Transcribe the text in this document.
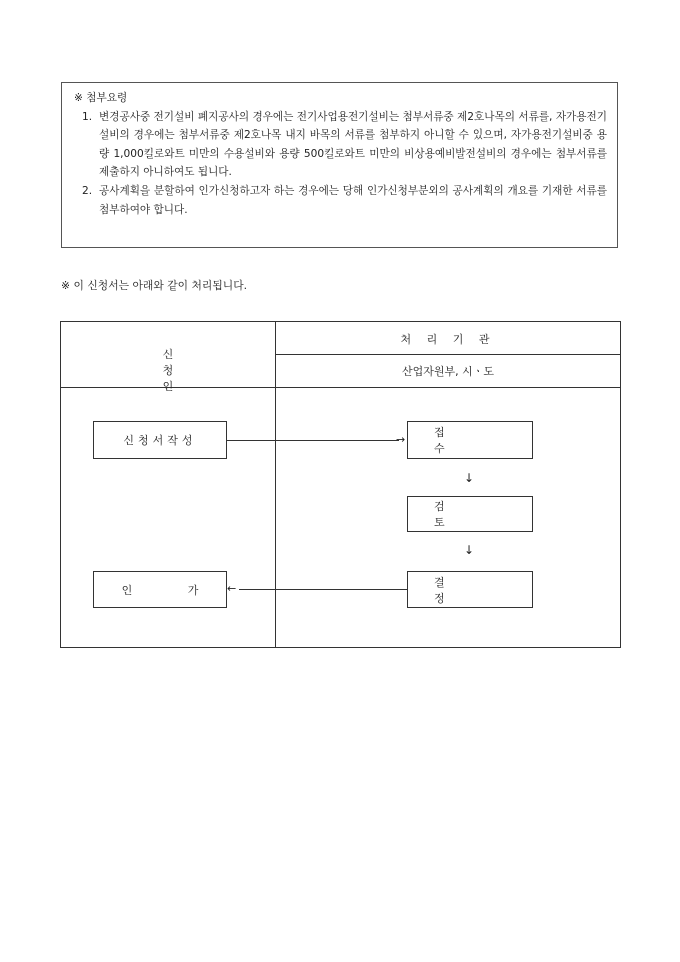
※ 첨부요령
1. 변경공사중 전기설비 폐지공사의 경우에는 전기사업용전기설비는 첨부서류중 제2호나목의 서류를, 자가용전기설비의 경우에는 첨부서류중 제2호나목 내지 바목의 서류를 첨부하지 아니할 수 있으며, 자가용전기설비중 용량 1,000킬로와트 미만의 수용설비와 용량 500킬로와트 미만의 비상용예비발전설비의 경우에는 첨부서류를 제출하지 아니하여도 됩니다.
2. 공사계획을 분할하여 인가신청하고자 하는 경우에는 당해 인가신청부분외의 공사계획의 개요를 기재한 서류를 첨부하여야 합니다.
※ 이 신청서는 아래와 같이 처리됩니다.
신 청 인
처 리 기 관
산업자원부, 시ㆍ도
신청서작성	→
접 수
↓
검 토
↓
결 정
←
인 가
